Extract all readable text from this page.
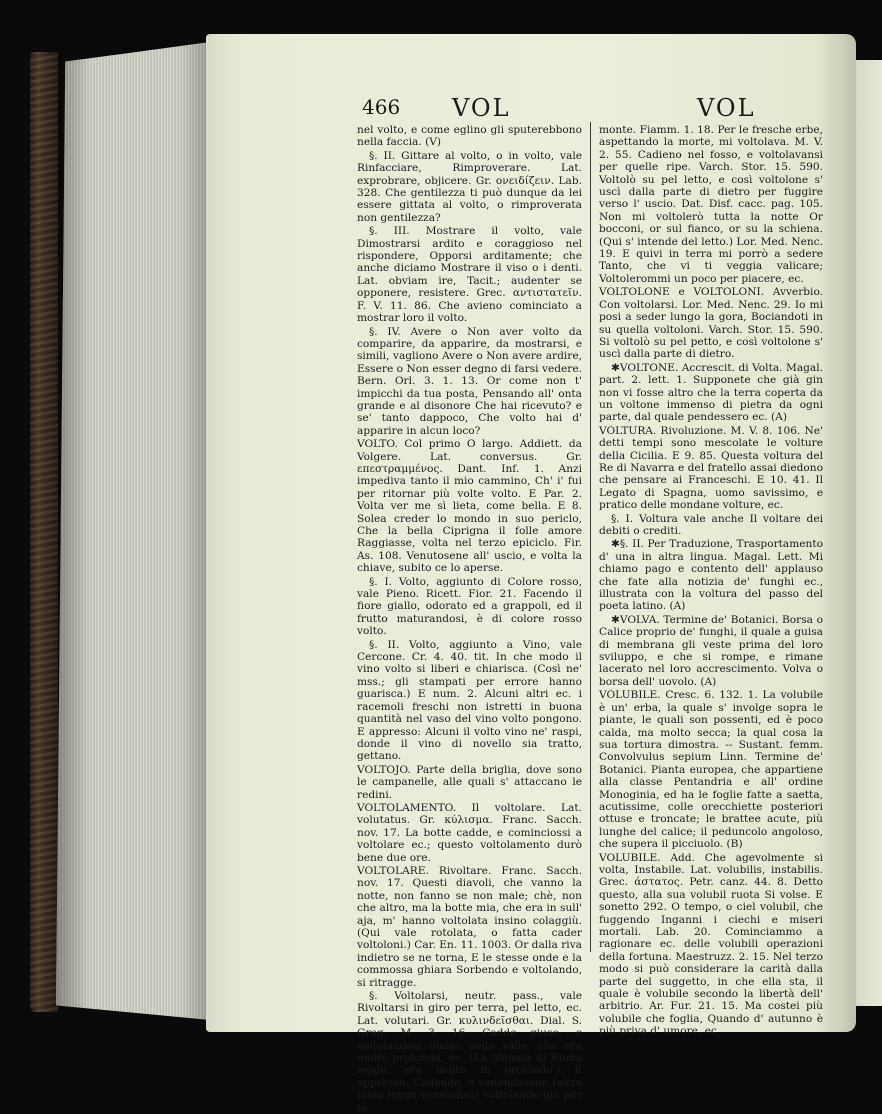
466 VOL	VOL

nel volto, e come eglino gli sputerebbono nella faccia. (V)

§. II. Gittare al volto, o in volto, vale Rinfacciare, Rimproverare. Lat. exprobrare, objicere. Gr. ονειδίζειν. Lab. 328. Che gentilezza ti può dunque da lei essere gittata al volto, o rimproverata non gentilezza?

§. III. Mostrare il volto, vale Dimostrarsi ardito e coraggioso nel rispondere, Opporsi arditamente; che anche diciamo Mostrare il viso o i denti. Lat. obviam ire, Tacit.; audenter se opponere, resistere. Grec. αντιστατεῖν. F. V. 11. 86. Che avieno cominciato a mostrar loro il volto.

§. IV. Avere o Non aver volto da comparire, da apparire, da mostrarsi, e simili, vagliono Avere o Non avere ardire, Essere o Non esser degno di farsi vedere. Bern. Orl. 3. 1. 13. Or come non t' impicchi da tua posta, Pensando all' onta grande e al disonore Che hai ricevuto? e se' tanto dappoco, Che volto hai d' apparire in alcun loco?

VOLTO. Col primo O largo. Addiett. da Volgere. Lat. conversus. Gr. επεστραμμένος. Dant. Inf. 1. Anzi impediva tanto il mio cammino, Ch' i' fui per ritornar più volte volto. E Par. 2. Volta ver me sì lieta, come bella. E 8. Solea creder lo mondo in suo periclo, Che la bella Ciprigna il folle amore Raggiasse, volta nel terzo epiciclo. Fir. As. 108. Venutosene all' uscio, e volta la chiave, subito ce lo aperse.

§. I. Volto, aggiunto di Colore rosso, vale Pieno. Ricett. Fior. 21. Facendo il fiore giallo, odorato ed a grappoli, ed il frutto maturandosi, è di colore rosso volto.

§. II. Volto, aggiunto a Vino, vale Cercone. Cr. 4. 40. tit. In che modo il vino volto si liberi e chiarisca. (Così ne' mss.; gli stampati per errore hanno guarisca.) E num. 2. Alcuni altri ec. i racemoli freschi non istretti in buona quantità nel vaso del vino volto pongono. E appresso: Alcuni il volto vino ne' raspi, donde il vino di novello sia tratto, gettano.

VOLTOJO. Parte della briglia, dove sono le campanelle, alle quali s' attaccano le redini.

VOLTOLAMENTO. Il voltolare. Lat. volutatus. Gr. κύλισμα. Franc. Sacch. nov. 17. La botte cadde, e cominciossi a voltolare ec.; questo voltolamento durò bene due ore.

VOLTOLARE. Rivoltare. Franc. Sacch. nov. 17. Questi diavoli, che vanno la notte, non fanno se non male; chè, non che altro, ma la botte mia, che era in sull' aja, m' hanno voltolata insino colaggiù. (Qui vale rotolata, o fatta cader voltoloni.) Car. En. 11. 1003. Or dalla riva indietro se ne torna, E le stesse onde e la commossa ghiara Sorbendo e voltolando, si ritragge.

§. Voltolarsi, neutr. pass., vale Rivoltarsi in giro per terra, pel letto, ec. Lat. volutari. Gr. κυλινδεῖσθαι. Dial. S. Greg. M. 3. 16. Cadde giuso, e voltolandosi insino nella valle, che era molto profonda, ec. (La stampa di Roma legge: era molto in profondo.) E appresso: Cadendo, e venendosene (altro testo legge venendosi) voltolando giù per lo

monte. Fiamm. 1. 18. Per le fresche erbe, aspettando la morte, mi voltolava. M. V. 2. 55. Cadieno nel fosso, e voltolavansi per quelle ripe. Varch. Stor. 15. 590. Voltolò su pel letto, e così voltolone s' uscì dalla parte di dietro per fuggire verso l' uscio. Dat. Disf. cacc. pag. 105. Non mi voltolerò tutta la notte Or bocconi, or sul fianco, or su la schiena. (Qui s' intende del letto.) Lor. Med. Nenc. 19. E quivi in terra mi porrò a sedere Tanto, che vi ti veggia valicare; Voltolerommi un poco per piacere, ec.

VOLTOLONE e VOLTOLONI. Avverbio. Con voltolarsi. Lor. Med. Nenc. 29. Io mi posi a seder lungo la gora, Bociandoti in su quella voltoloni. Varch. Stor. 15. 590. Si voltolò su pel petto, e così voltolone s' uscì dalla parte di dietro.

✱VOLTONE. Accrescit. di Volta. Magal. part. 2. lett. 1. Supponete che già gin non vi fosse altro che la terra coperta da un voltone immenso di pietra da ogni parte, dal quale pendessero ec. (A)

VOLTURA. Rivoluzione. M. V. 8. 106. Ne' detti tempi sono mescolate le volture della Cicilia. E 9. 85. Questa voltura del Re di Navarra e del fratello assai diedono che pensare ai Franceschi. E 10. 41. Il Legato di Spagna, uomo savissimo, e pratico delle mondane volture, ec.

§. I. Voltura vale anche Il voltare dei debiti o crediti.

✱§. II. Per Traduzione, Trasportamento d' una in altra lingua. Magal. Lett. Mi chiamo pago e contento dell' applauso che fate alla notizia de' funghi ec., illustrata con la voltura del passo del poeta latino. (A)

✱VOLVA. Termine de' Botanici. Borsa o Calice proprio de' funghi, il quale a guisa di membrana gli veste prima del loro sviluppo, e che si rompe, e rimane lacerato nel loro accrescimento. Volva o borsa dell' uovolo. (A)

VOLUBILE. Cresc. 6. 132. 1. La volubile è un' erba, la quale s' involge sopra le piante, le quali son possenti, ed è poco calda, ma molto secca; la qual cosa la sua tortura dimostra. -- Sustant. femm. Convolvulus sepium Linn. Termine de' Botanici. Pianta europea, che appartiene alla classe Pentandria e all' ordine Monoginia, ed ha le foglie fatte a saetta, acutissime, colle orecchiette posteriori ottuse e troncate; le brattee acute, più lunghe del calice; il peduncolo angoloso, che supera il picciuolo. (B)

VOLUBILE. Add. Che agevolmente si volta, Instabile. Lat. volubilis, instabilis. Grec. άστατος. Petr. canz. 44. 8. Detto questo, alla sua volubil ruota Si volse. E sonetto 292. O tempo, o ciel volubil, che fuggendo Inganni i ciechi e miseri mortali. Lab. 20. Cominciammo a ragionare ec. delle volubili operazioni della fortuna. Maestruzz. 2. 15. Nel terzo modo si può considerare la carità dalla parte del suggetto, in che ella sta, il quale è volubile secondo la libertà dell' arbitrio. Ar. Fur. 21. 15. Ma costei più volubile che foglia, Quando d' autunno è più priva d' umore, ec.
